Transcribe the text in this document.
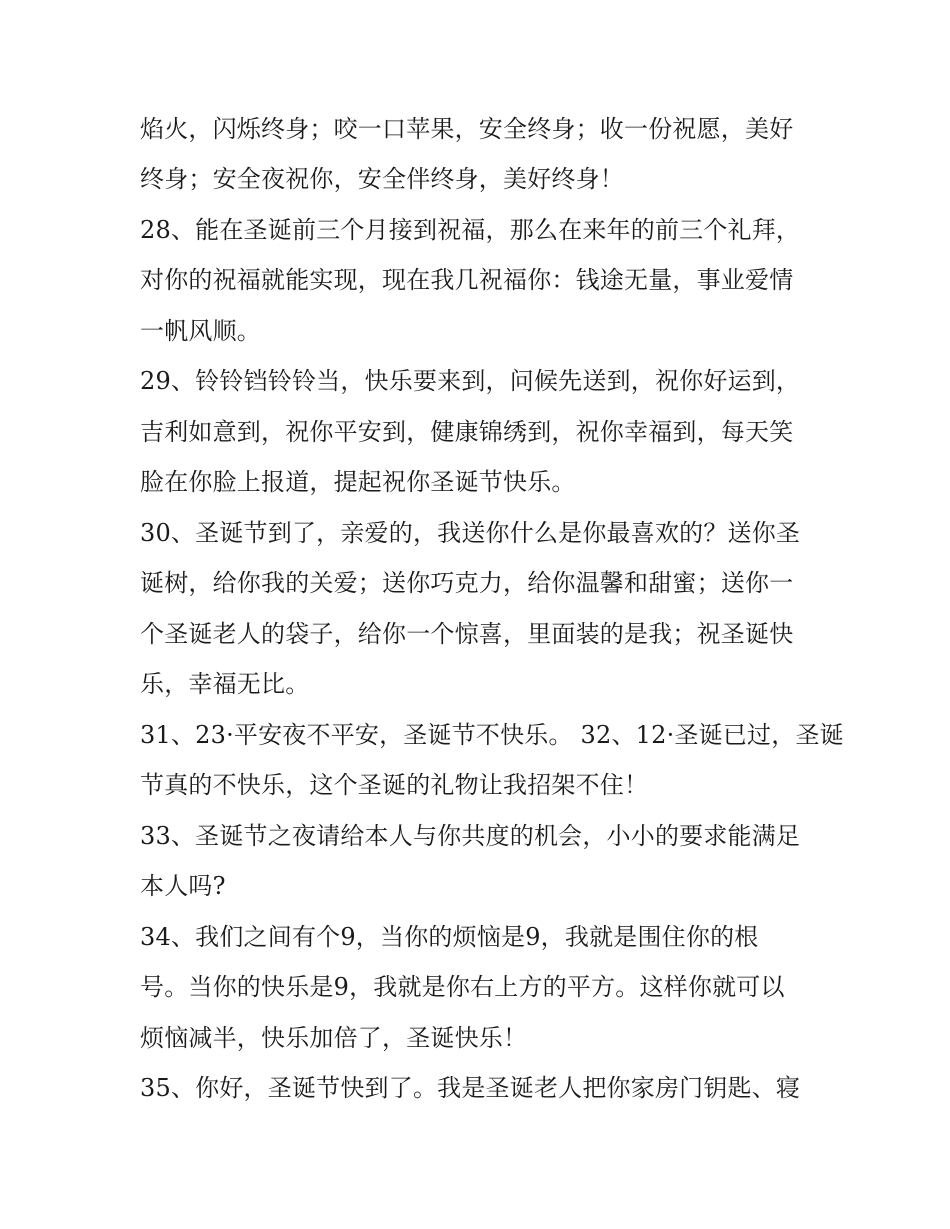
焰火，闪烁终身；咬一口苹果，安全终身；收一份祝愿，美好

终身；安全夜祝你，安全伴终身，美好终身！

28、能在圣诞前三个月接到祝福，那么在来年的前三个礼拜，

对你的祝福就能实现，现在我几祝福你：钱途无量，事业爱情

一帆风顺。

29、铃铃铛铃铃当，快乐要来到，问候先送到，祝你好运到，

吉利如意到，祝你平安到，健康锦绣到，祝你幸福到，每天笑

脸在你脸上报道，提起祝你圣诞节快乐。

30、圣诞节到了，亲爱的，我送你什么是你最喜欢的？送你圣

诞树，给你我的关爱；送你巧克力，给你温馨和甜蜜；送你一

个圣诞老人的袋子，给你一个惊喜，里面装的是我；祝圣诞快

乐，幸福无比。

31、23·平安夜不平安，圣诞节不快乐。 32、12·圣诞已过，圣诞

节真的不快乐，这个圣诞的礼物让我招架不住！

33、圣诞节之夜请给本人与你共度的机会，小小的要求能满足

本人吗?

34、我们之间有个9，当你的烦恼是9，我就是围住你的根

号。当你的快乐是9，我就是你右上方的平方。这样你就可以

烦恼减半，快乐加倍了，圣诞快乐！

35、你好，圣诞节快到了。我是圣诞老人把你家房门钥匙、寝
